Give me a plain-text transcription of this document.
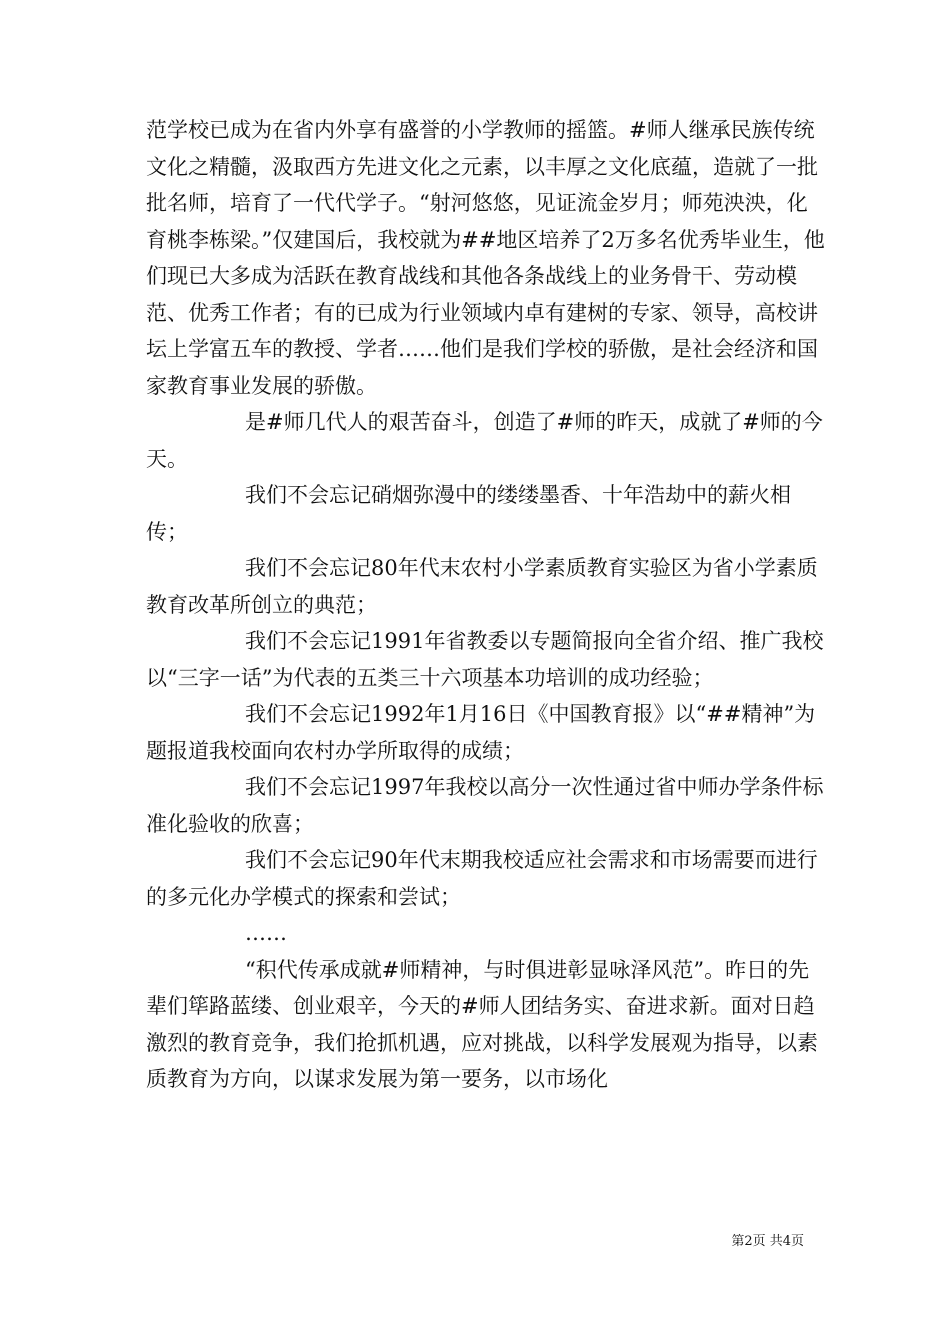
范学校已成为在省内外享有盛誉的小学教师的摇篮。#师人继承民族传统文化之精髓，汲取西方先进文化之元素，以丰厚之文化底蕴，造就了一批批名师，培育了一代代学子。“射河悠悠，见证流金岁月；师苑泱泱，化育桃李栋梁。”仅建国后，我校就为##地区培养了2万多名优秀毕业生，他们现已大多成为活跃在教育战线和其他各条战线上的业务骨干、劳动模范、优秀工作者；有的已成为行业领域内卓有建树的专家、领导，高校讲坛上学富五车的教授、学者……他们是我们学校的骄傲，是社会经济和国家教育事业发展的骄傲。

是#师几代人的艰苦奋斗，创造了#师的昨天，成就了#师的今天。

我们不会忘记硝烟弥漫中的缕缕墨香、十年浩劫中的薪火相传；

我们不会忘记80年代末农村小学素质教育实验区为省小学素质教育改革所创立的典范；

我们不会忘记1991年省教委以专题简报向全省介绍、推广我校以“三字一话”为代表的五类三十六项基本功培训的成功经验；

我们不会忘记1992年1月16日《中国教育报》以“##精神”为题报道我校面向农村办学所取得的成绩；

我们不会忘记1997年我校以高分一次性通过省中师办学条件标准化验收的欣喜；

我们不会忘记90年代末期我校适应社会需求和市场需要而进行的多元化办学模式的探索和尝试；

……

“积代传承成就#师精神，与时俱进彰显咏泽风范”。昨日的先辈们筚路蓝缕、创业艰辛，今天的#师人团结务实、奋进求新。面对日趋激烈的教育竞争，我们抢抓机遇，应对挑战，以科学发展观为指导，以素质教育为方向，以谋求发展为第一要务，以市场化

第2页 共4页
